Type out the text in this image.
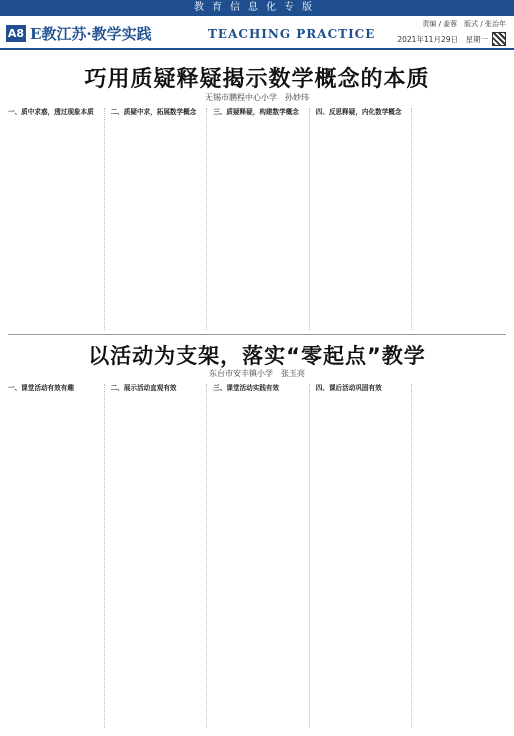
教育信息化专版
A8 E教江苏·教学实践	TEACHING PRACTICE
责编 / 姜蓉　版式 / 张治年
2021年11月29日　星期一
巧用质疑释疑揭示数学概念的本质
无锡市鹏程中心小学　孙妙玮

一、质中求惑，透过现象本质	二、质疑中求，拓展数学概念	三、质疑释疑，构建数学概念	四、反思释疑，内化数学概念

以活动为支架，落实“零起点”教学
东台市安丰镇小学　张玉亮

一、课堂活动有效有趣	二、展示活动直观有效	三、课堂活动实践有效	四、课后活动巩固有效
